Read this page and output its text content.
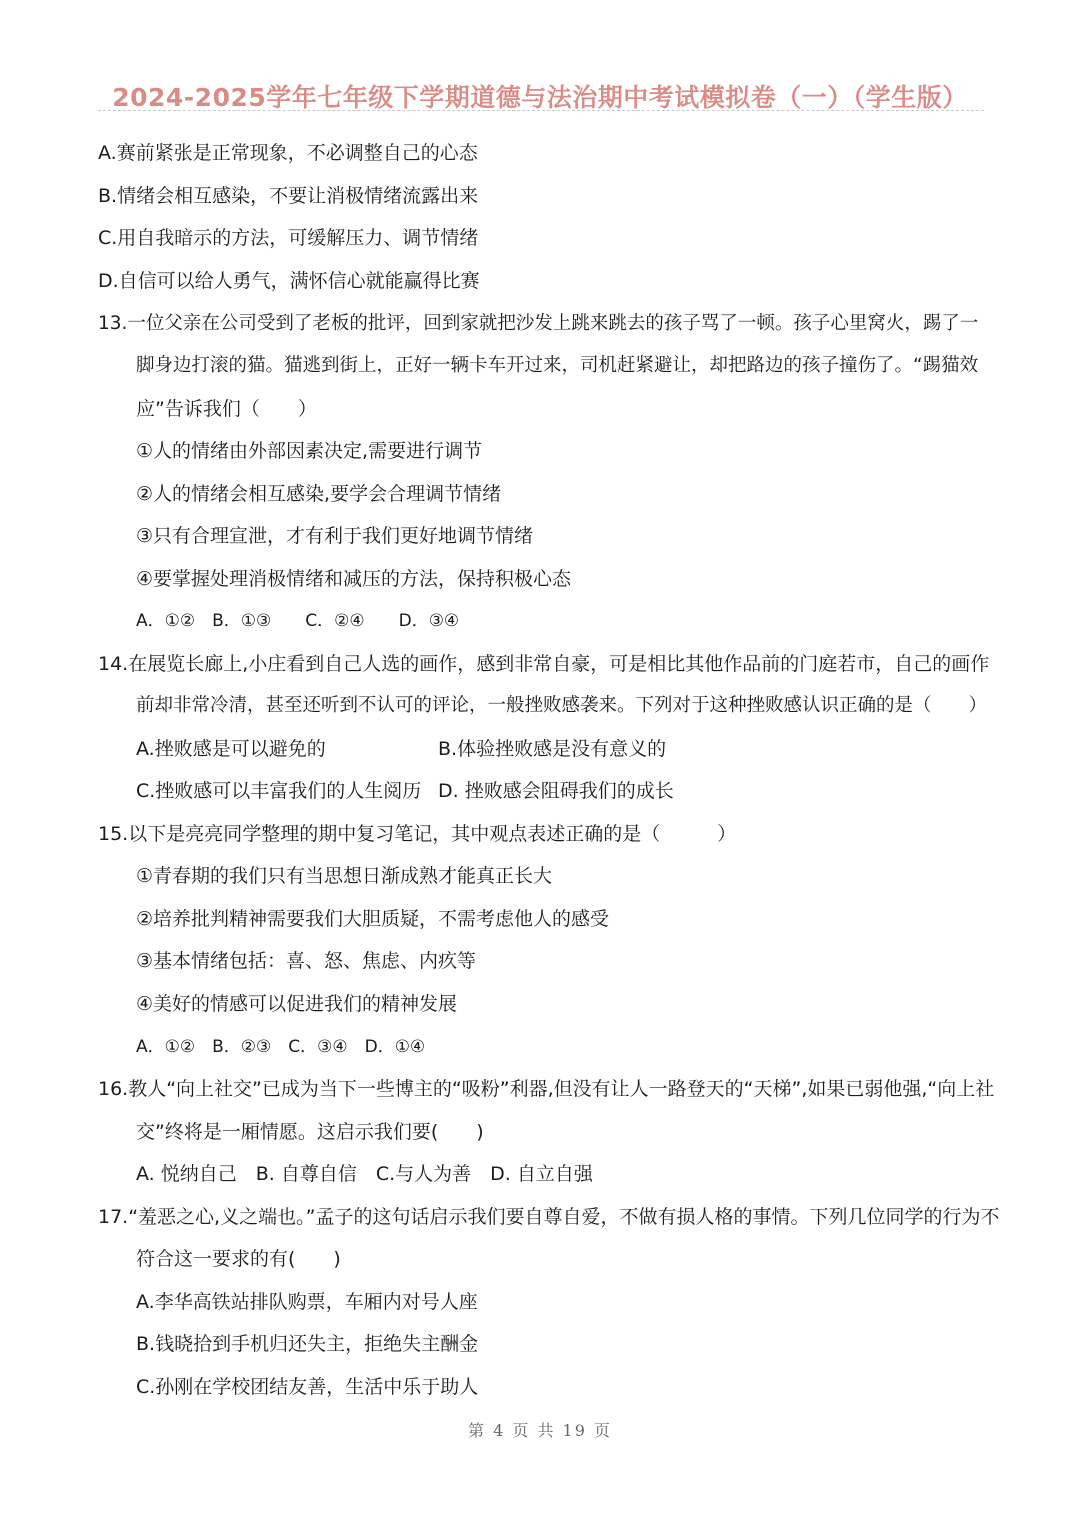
2024-2025学年七年级下学期道德与法治期中考试模拟卷（一）（学生版）
A.赛前紧张是正常现象，不必调整自己的心态
B.情绪会相互感染，不要让消极情绪流露出来
C.用自我暗示的方法，可缓解压力、调节情绪
D.自信可以给人勇气，满怀信心就能赢得比赛
13.一位父亲在公司受到了老板的批评，回到家就把沙发上跳来跳去的孩子骂了一顿。孩子心里窝火，踢了一
脚身边打滚的猫。猫逃到街上，正好一辆卡车开过来，司机赶紧避让，却把路边的孩子撞伤了。“踢猫效
应”告诉我们（　　）
①人的情绪由外部因素决定,需要进行调节
②人的情绪会相互感染,要学会合理调节情绪
③只有合理宣泄，才有利于我们更好地调节情绪
④要掌握处理消极情绪和减压的方法，保持积极心态
A．①②　B．①③　　C．②④　　D．③④
14.在展览长廊上,小庄看到自己人选的画作，感到非常自豪，可是相比其他作品前的门庭若市，自己的画作
前却非常冷清，甚至还听到不认可的评论，一般挫败感袭来。下列对于这种挫败感认识正确的是（　　）
A.挫败感是可以避免的	B.体验挫败感是没有意义的
C.挫败感可以丰富我们的人生阅历 D. 挫败感会阻碍我们的成长
15.以下是亮亮同学整理的期中复习笔记，其中观点表述正确的是（　　　）
①青春期的我们只有当思想日渐成熟才能真正长大
②培养批判精神需要我们大胆质疑，不需考虑他人的感受
③基本情绪包括：喜、怒、焦虑、内疚等
④美好的情感可以促进我们的精神发展
A．①②　B．②③　C．③④　D．①④
16.教人“向上社交”已成为当下一些博主的“吸粉”利器,但没有让人一路登天的“天梯”,如果已弱他强,“向上社
交”终将是一厢情愿。这启示我们要(　　)
A. 悦纳自己　B. 自尊自信　C.与人为善　D. 自立自强
17.“羞恶之心,义之端也。”孟子的这句话启示我们要自尊自爱，不做有损人格的事情。下列几位同学的行为不
符合这一要求的有(　　)
A.李华高铁站排队购票，车厢内对号人座
B.钱晓拾到手机归还失主，拒绝失主酬金
C.孙刚在学校团结友善，生活中乐于助人
第 4 页 共 19 页
